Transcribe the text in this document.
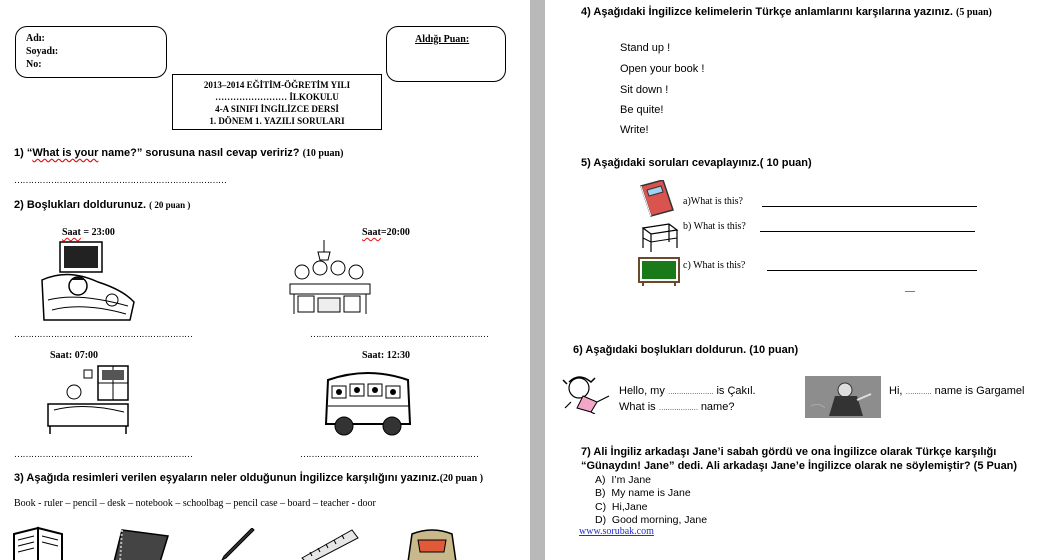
Adı:
Soyadı:
No:
Aldığı Puan:
2013–2014 EĞİTİM-ÖĞRETİM YILI
…………………… İLKOKULU
4-A SINIFI İNGİLİZCE DERSİ
1. DÖNEM 1. YAZILI SORULARI
1) “What is your name?” sorusuna nasıl cevap veririz? (10 puan)
…………………………………………………………………
2) Boşlukları doldurunuz. ( 20 puan )
Saat = 23:00	Saat=20:00
………………………………………………………	………………………………………………………
Saat: 07:00	Saat: 12:30
………………………………………………………	………………………………………………………
3) Aşağıda resimleri verilen eşyaların neler olduğunun İngilizce karşılığını yazınız.(20 puan )
Book - ruler – pencil – desk – notebook – schoolbag – pencil case – board – teacher - door
4) Aşağıdaki İngilizce kelimelerin Türkçe anlamlarını karşılarına yazınız. (5 puan)
Stand up !
Open your book !
Sit down !
Be quite!
Write!
5) Aşağıdaki soruları cevaplayınız.( 10 puan)
a)What is this?
b) What is this?
c) What is this?
—
6) Aşağıdaki boşlukları doldurun. (10 puan)
Hello, my ………………… is Çakıl.
What is ……………… name?
Hi, ………… name is Gargamel
7) Ali İngiliz arkadaşı Jane’i sabah gördü ve ona İngilizce olarak Türkçe karşılığı
“Günaydın! Jane” dedi. Ali arkadaşı Jane’e İngilizce olarak ne söylemiştir? (5 Puan)
A)  I’m Jane
B)  My name is Jane
C)  Hi,Jane
D)  Good morning, Jane
www.sorubak.com
